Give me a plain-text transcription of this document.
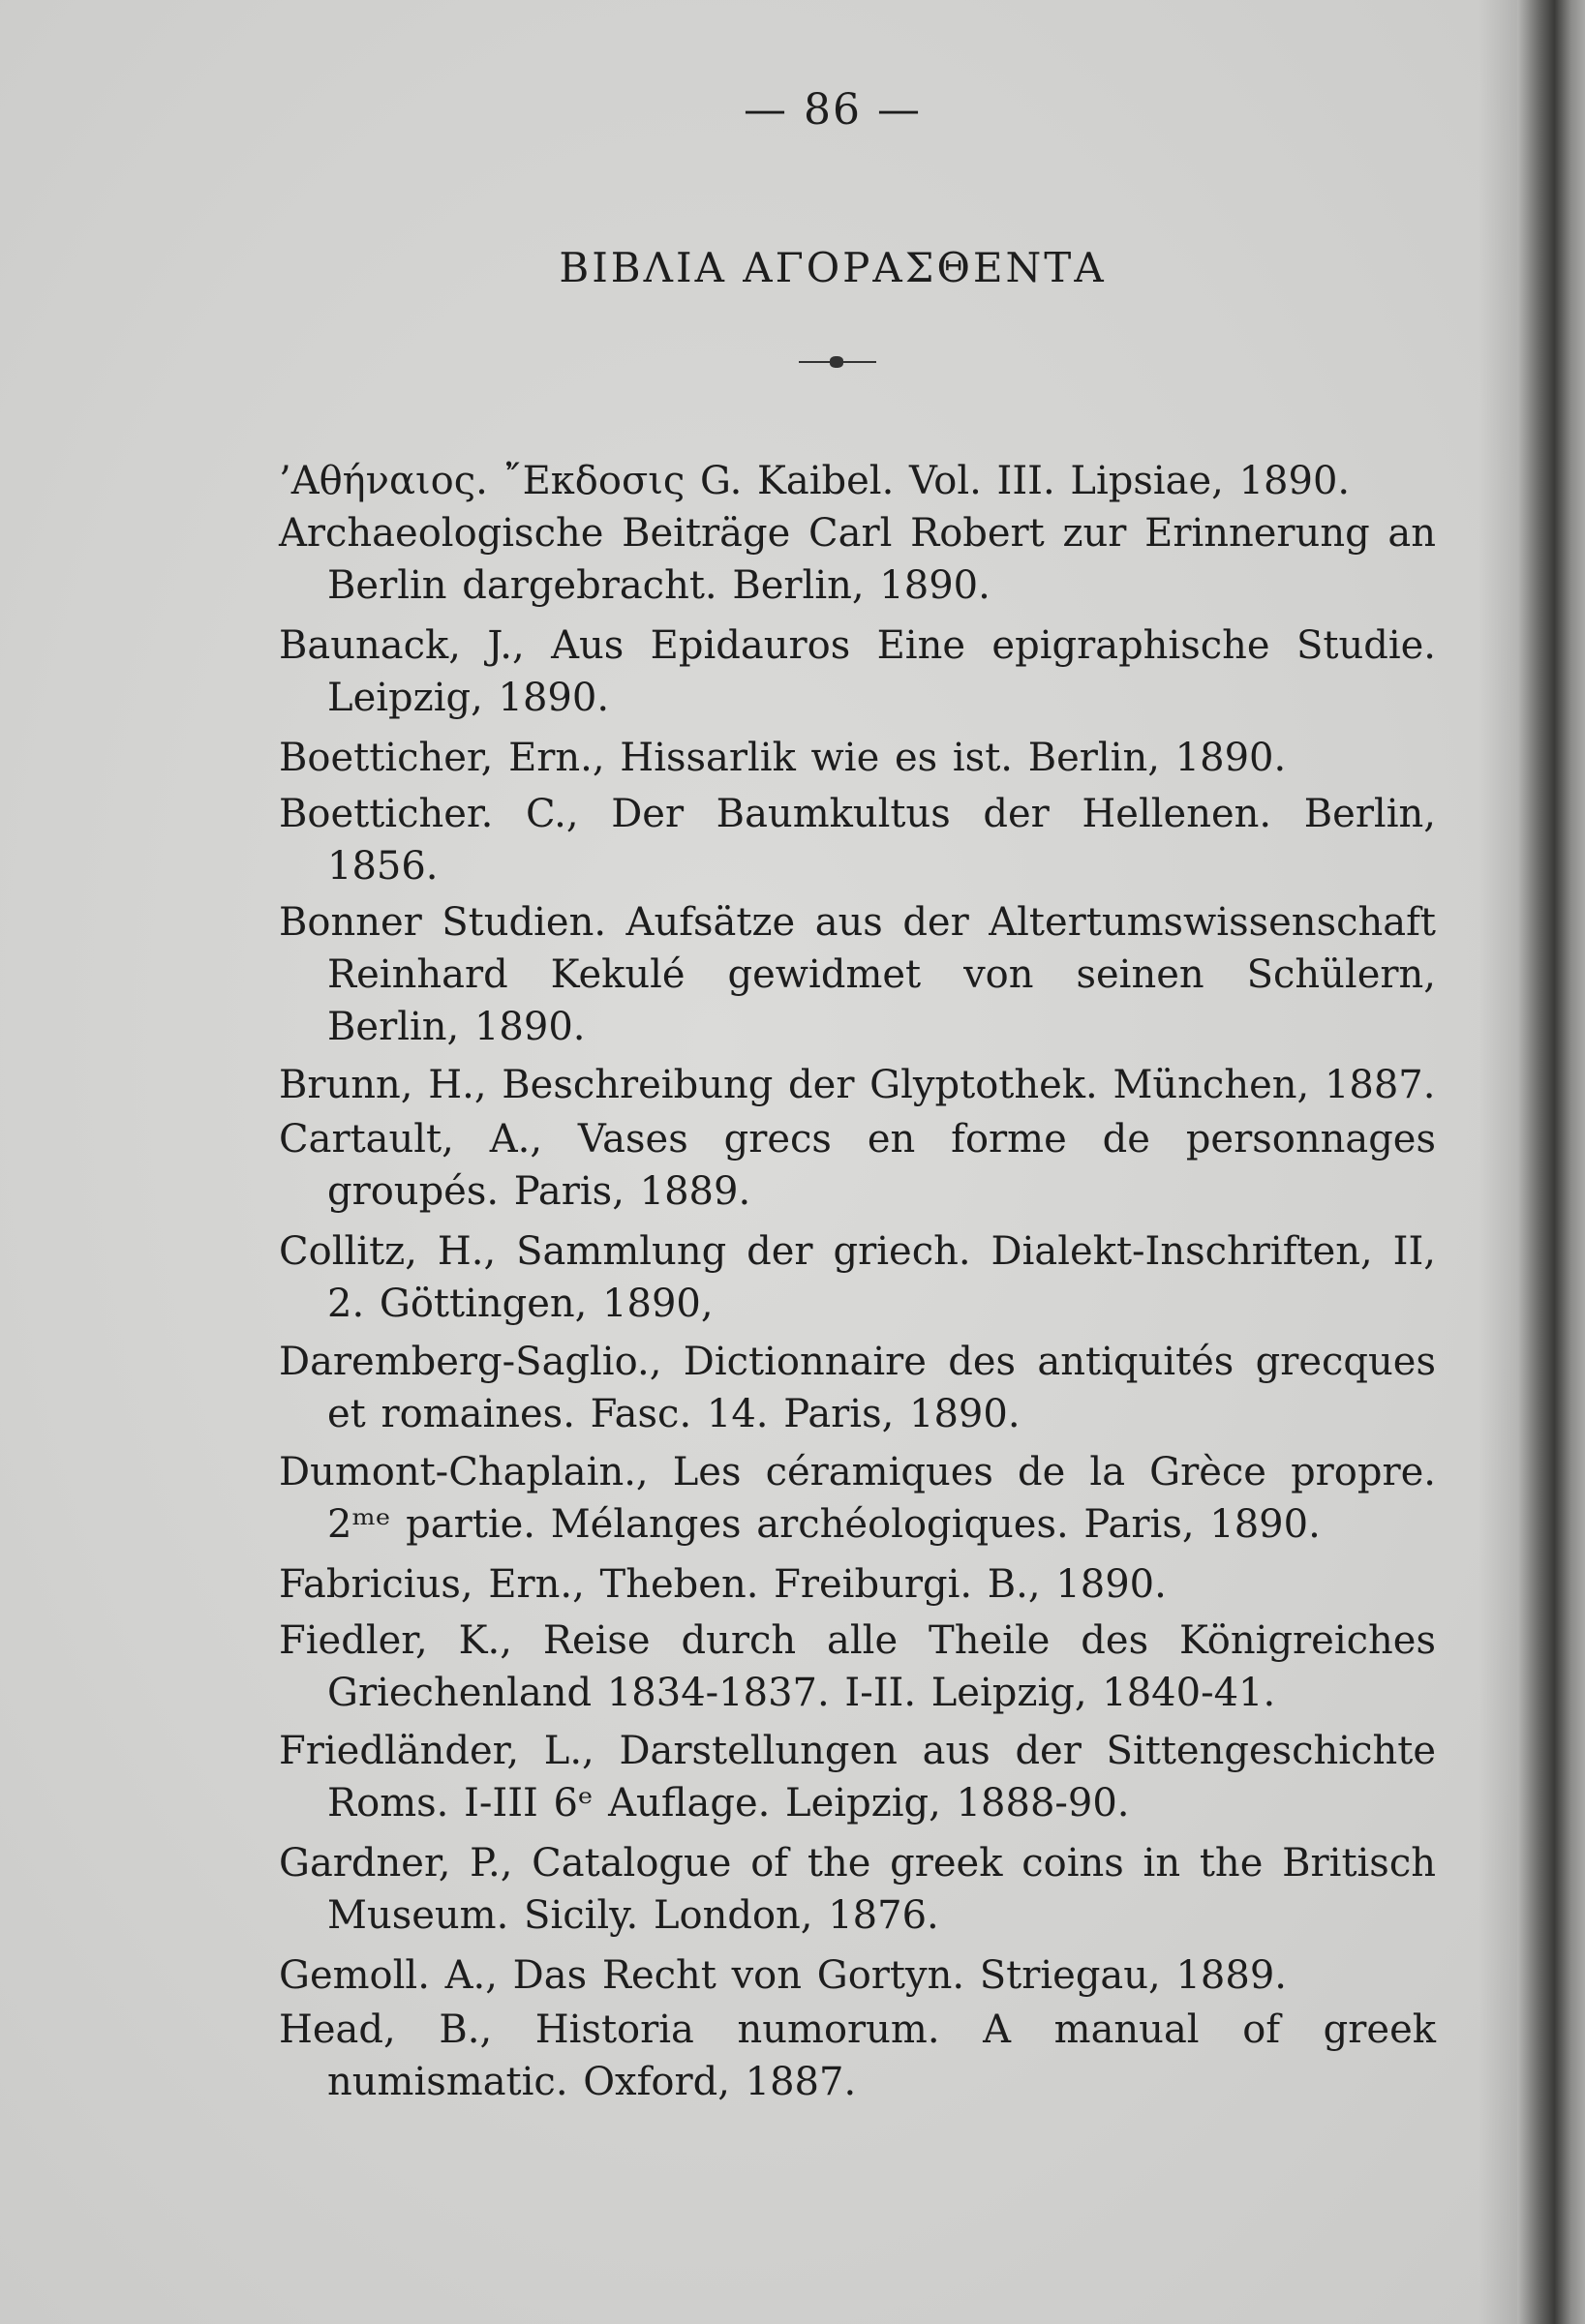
— 86 —
ΒΙΒΛΙΑ ΑΓΟΡΑΣΘΕΝΤΑ
’Αθήναιος. ῎Εκδοσις G. Kaibel. Vol. III. Lipsiae, 1890.
Archaeologische Beiträge Carl Robert zur Erinnerung an Berlin dargebracht. Berlin, 1890.
Baunack, J., Aus Epidauros Eine epigraphische Studie. Leipzig, 1890.
Boetticher, Ern., Hissarlik wie es ist. Berlin, 1890.
Boetticher. C., Der Baumkultus der Hellenen. Berlin, 1856.
Bonner Studien. Aufsätze aus der Altertumswissenschaft Reinhard Kekulé gewidmet von seinen Schülern, Berlin, 1890.
Brunn, H., Beschreibung der Glyptothek. München, 1887.
Cartault, A., Vases grecs en forme de personnages groupés. Paris, 1889.
Collitz, H., Sammlung der griech. Dialekt-Inschriften, II, 2. Göttingen, 1890,
Daremberg-Saglio., Dictionnaire des antiquités grecques et romaines. Fasc. 14. Paris, 1890.
Dumont-Chaplain., Les céramiques de la Grèce propre. 2ᵐᵉ partie. Mélanges archéologiques. Paris, 1890.
Fabricius, Ern., Theben. Freiburgi. B., 1890.
Fiedler, K., Reise durch alle Theile des Königreiches Griechenland 1834-1837. I-II. Leipzig, 1840-41.
Friedländer, L., Darstellungen aus der Sittengeschichte Roms. I-III 6ᵉ Auflage. Leipzig, 1888-90.
Gardner, P., Catalogue of the greek coins in the Britisch Museum. Sicily. London, 1876.
Gemoll. A., Das Recht von Gortyn. Striegau, 1889.
Head, B., Historia numorum. A manual of greek numismatic. Oxford, 1887.
